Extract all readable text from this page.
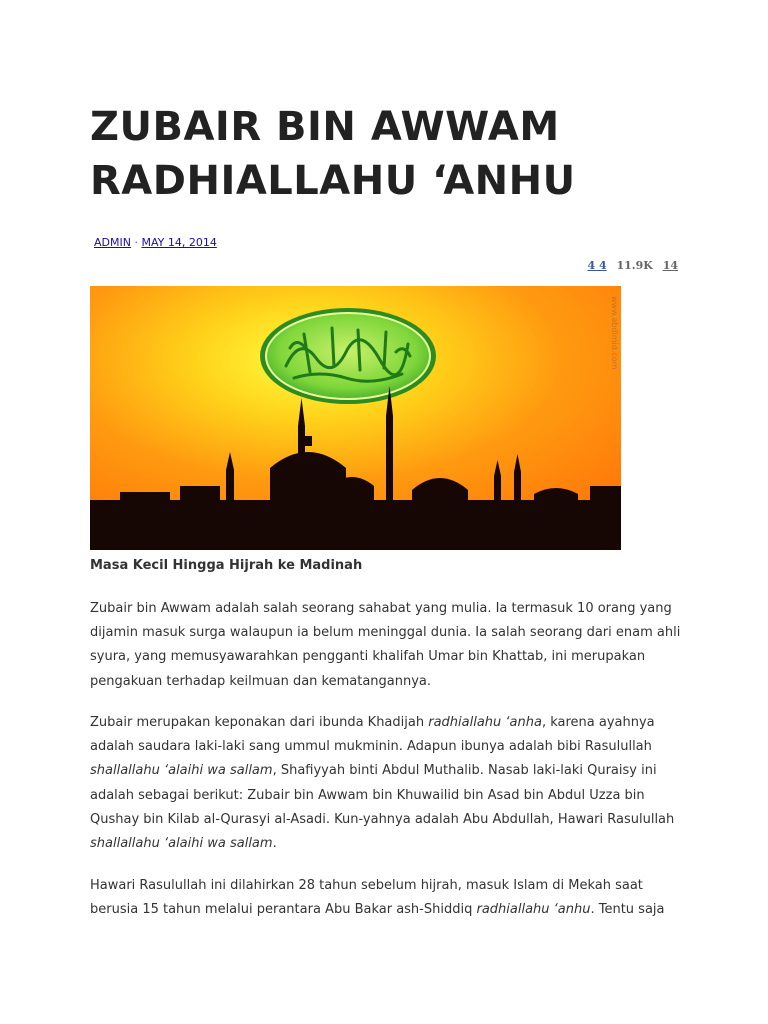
ZUBAIR BIN AWWAM
RADHIALLAHU ‘ANHU
ADMIN · MAY 14, 2014
4 4 11.9K 14
www.abdimid.com
Masa Kecil Hingga Hijrah ke Madinah

Zubair bin Awwam adalah salah seorang sahabat yang mulia. Ia termasuk 10 orang yang dijamin masuk surga walaupun ia belum meninggal dunia. Ia salah seorang dari enam ahli syura, yang memusyawarahkan pengganti khalifah Umar bin Khattab, ini merupakan pengakuan terhadap keilmuan dan kematangannya.

Zubair merupakan keponakan dari ibunda Khadijah radhiallahu ‘anha, karena ayahnya adalah saudara laki-laki sang ummul mukminin. Adapun ibunya adalah bibi Rasulullah shallallahu ‘alaihi wa sallam, Shafiyyah binti Abdul Muthalib. Nasab laki-laki Quraisy ini adalah sebagai berikut: Zubair bin Awwam bin Khuwailid bin Asad bin Abdul Uzza bin Qushay bin Kilab al-Qurasyi al-Asadi. Kun-yahnya adalah Abu Abdullah, Hawari Rasulullah shallallahu ‘alaihi wa sallam.

Hawari Rasulullah ini dilahirkan 28 tahun sebelum hijrah, masuk Islam di Mekah saat berusia 15 tahun melalui perantara Abu Bakar ash-Shiddiq radhiallahu ‘anhu. Tentu saja
